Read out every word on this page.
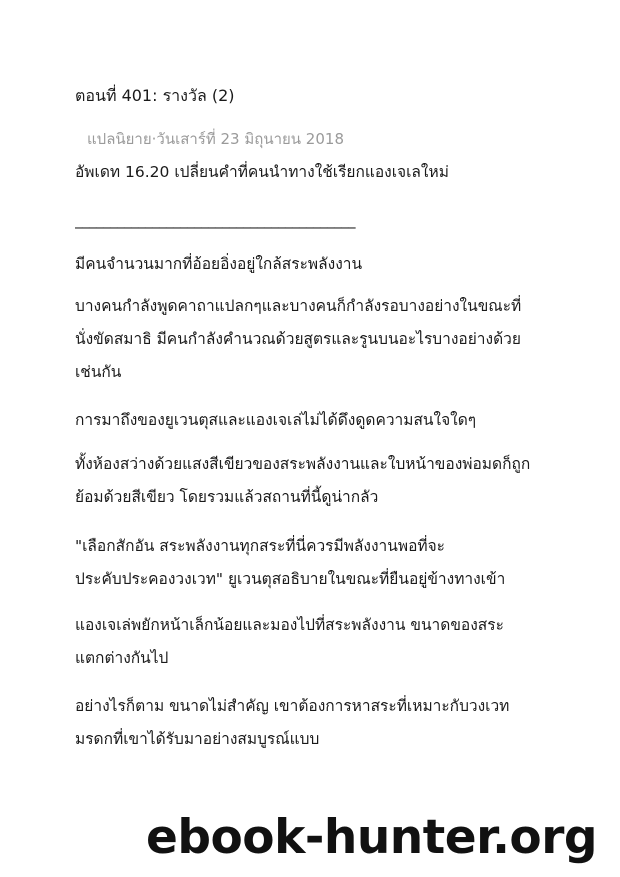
ตอนที่ 401: รางวัล (2)
แปลนิยาย·วันเสาร์ที่ 23 มิถุนายน 2018
อัพเดท 16.20 เปลี่ยนคำที่คนนำทางใช้เรียกแองเจเลใหม่
________________________________________

มีคนจำนวนมากที่อ้อยอิ่งอยู่ใกล้สระพลังงาน

บางคนกำลังพูดคาถาแปลกๆและบางคนก็กำลังรอบางอย่างในขณะที่
นั่งขัดสมาธิ มีคนกำลังคำนวณด้วยสูตรและรูนบนอะไรบางอย่างด้วย
เช่นกัน

การมาถึงของยูเวนตุสและแองเจเล่ไม่ได้ดึงดูดความสนใจใดๆ

ทั้งห้องสว่างด้วยแสงสีเขียวของสระพลังงานและใบหน้าของพ่อมดก็ถูก
ย้อมด้วยสีเขียว โดยรวมแล้วสถานที่นี้ดูน่ากลัว

"เลือกสักอัน สระพลังงานทุกสระที่นี่ควรมีพลังงานพอที่จะ
ประคับประคองวงเวท" ยูเวนตุสอธิบายในขณะที่ยืนอยู่ข้างทางเข้า

แองเจเล่พยักหน้าเล็กน้อยและมองไปที่สระพลังงาน ขนาดของสระ
แตกต่างกันไป

อย่างไรก็ตาม ขนาดไม่สำคัญ เขาต้องการหาสระที่เหมาะกับวงเวท
มรดกที่เขาได้รับมาอย่างสมบูรณ์แบบ

ebook-hunter.org
